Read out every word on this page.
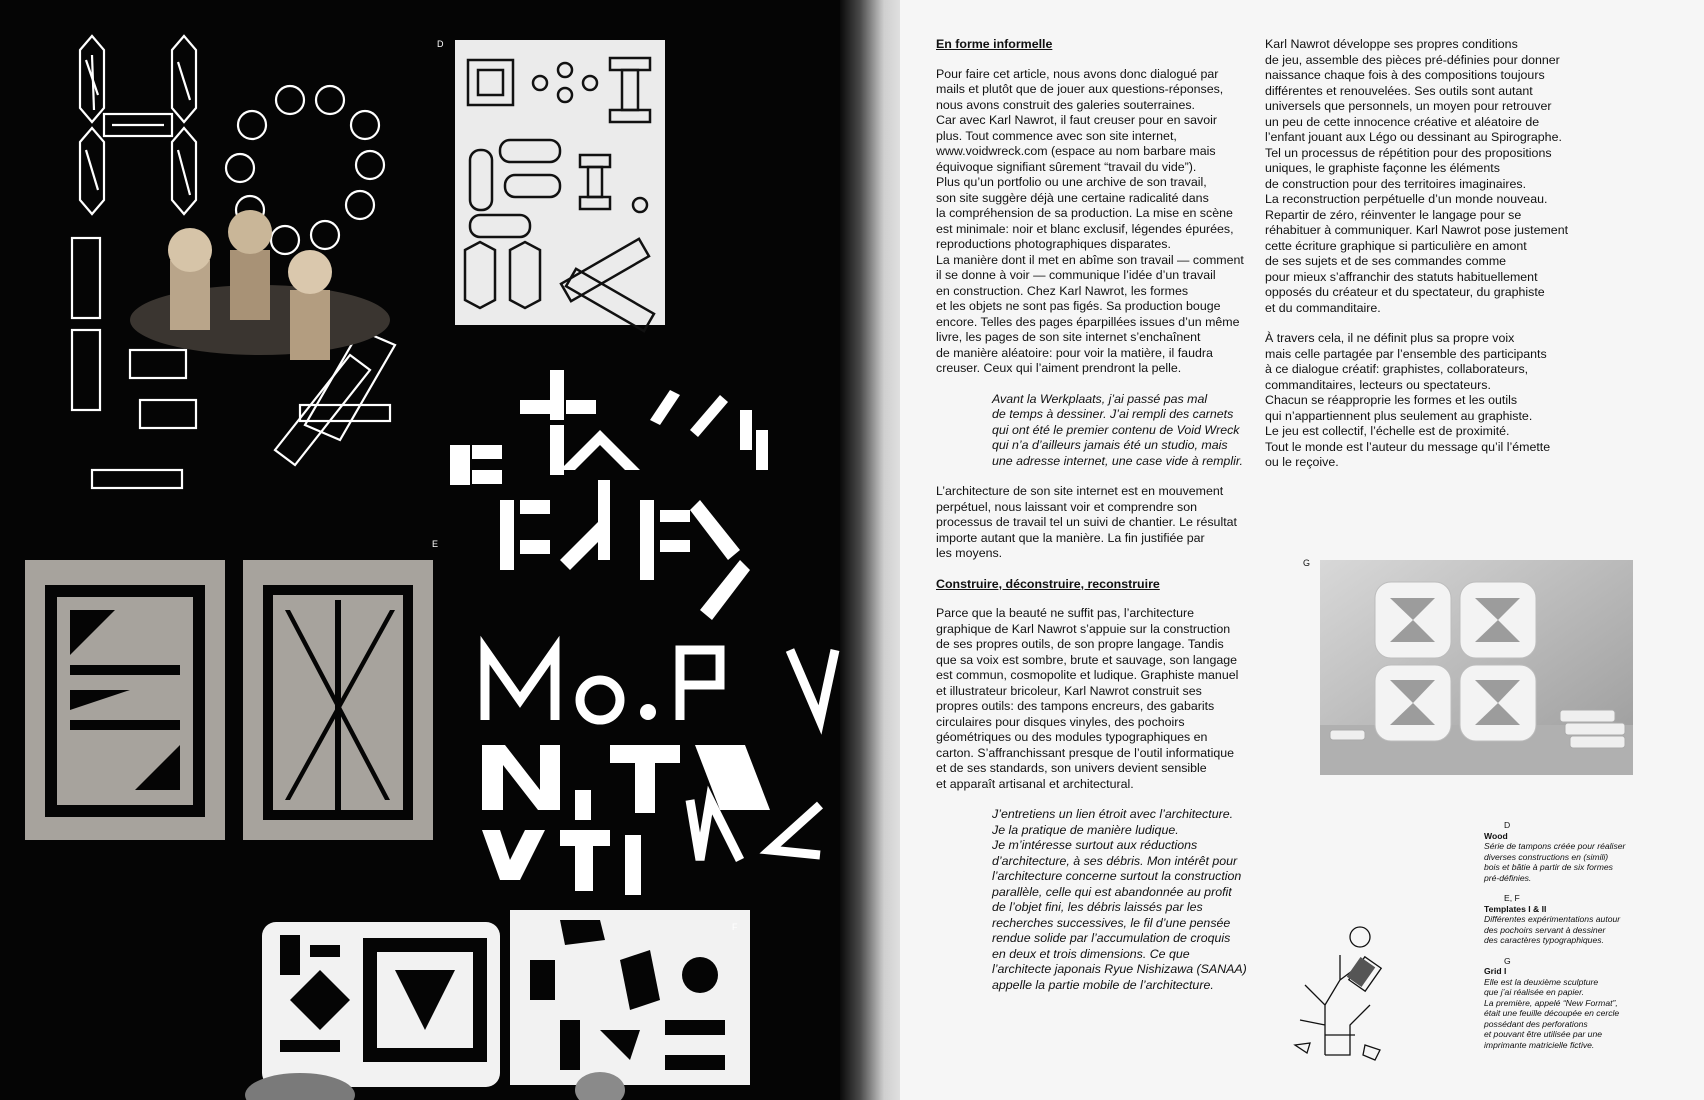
D
E
F

En forme informelle

Pour faire cet article, nous avons donc dialogué par

mails et plutôt que de jouer aux questions-réponses,

nous avons construit des galeries souterraines.

Car avec Karl Nawrot, il faut creuser pour en savoir

plus. Tout commence avec son site internet,

www.voidwreck.com (espace au nom barbare mais

équivoque signifiant sûrement “travail du vide”).

Plus qu’un portfolio ou une archive de son travail,

son site suggère déjà une certaine radicalité dans

la compréhension de sa production. La mise en scène

est minimale: noir et blanc exclusif, légendes épurées,

reproductions photographiques disparates.

La manière dont il met en abîme son travail — comment

il se donne à voir — communique l’idée d’un travail

en construction. Chez Karl Nawrot, les formes

et les objets ne sont pas figés. Sa production bouge

encore. Telles des pages éparpillées issues d’un même

livre, les pages de son site internet s’enchaînent

de manière aléatoire: pour voir la matière, il faudra

creuser. Ceux qui l’aiment prendront la pelle.

Avant la Werkplaats, j’ai passé pas mal

de temps à dessiner. J’ai rempli des carnets

qui ont été le premier contenu de Void Wreck

qui n’a d’ailleurs jamais été un studio, mais

une adresse internet, une case vide à remplir.

L’architecture de son site internet est en mouvement

perpétuel, nous laissant voir et comprendre son

processus de travail tel un suivi de chantier. Le résultat

importe autant que la manière. La fin justifiée par

les moyens.

Construire, déconstruire, reconstruire

Parce que la beauté ne suffit pas, l’architecture

graphique de Karl Nawrot s’appuie sur la construction

de ses propres outils, de son propre langage. Tandis

que sa voix est sombre, brute et sauvage, son langage

est commun, cosmopolite et ludique. Graphiste manuel

et illustrateur bricoleur, Karl Nawrot construit ses

propres outils: des tampons encreurs, des gabarits

circulaires pour disques vinyles, des pochoirs

géométriques ou des modules typographiques en

carton. S’affranchissant presque de l’outil informatique

et de ses standards, son univers devient sensible

et apparaît artisanal et architectural.

J’entretiens un lien étroit avec l’architecture.

Je la pratique de manière ludique.

Je m’intéresse surtout aux réductions

d’architecture, à ses débris. Mon intérêt pour

l’architecture concerne surtout la construction

parallèle, celle qui est abandonnée au profit

de l’objet fini, les débris laissés par les

recherches successives, le fil d’une pensée

rendue solide par l’accumulation de croquis

en deux et trois dimensions. Ce que

l’architecte japonais Ryue Nishizawa (SANAA)

appelle la partie mobile de l’architecture.

Karl Nawrot développe ses propres conditions

de jeu, assemble des pièces pré-définies pour donner

naissance chaque fois à des compositions toujours

différentes et renouvelées. Ses outils sont autant

universels que personnels, un moyen pour retrouver

un peu de cette innocence créative et aléatoire de

l’enfant jouant aux Légo ou dessinant au Spirographe.

Tel un processus de répétition pour des propositions

uniques, le graphiste façonne les éléments

de construction pour des territoires imaginaires.

La reconstruction perpétuelle d’un monde nouveau.

Repartir de zéro, réinventer le langage pour se

réhabituer à communiquer. Karl Nawrot pose justement

cette écriture graphique si particulière en amont

de ses sujets et de ses commandes comme

pour mieux s’affranchir des statuts habituellement

opposés du créateur et du spectateur, du graphiste

et du commanditaire.

À travers cela, il ne définit plus sa propre voix

mais celle partagée par l’ensemble des participants

à ce dialogue créatif: graphistes, collaborateurs,

commanditaires, lecteurs ou spectateurs.

Chacun se réapproprie les formes et les outils

qui n’appartiennent plus seulement au graphiste.

Le jeu est collectif, l’échelle est de proximité.

Tout le monde est l’auteur du message qu’il l’émette

ou le reçoive.

G
D
Wood
Série de tampons créée pour réaliser
diverses constructions en (simili)
bois et bâtie à partir de six formes
pré-définies.
E, F
Templates I & II
Différentes expérimentations autour
des pochoirs servant à dessiner
des caractères typographiques.
G
Grid I
Elle est la deuxième sculpture
que j’ai réalisée en papier.
La première, appelé “New Format”,
était une feuille découpée en cercle
possédant des perforations
et pouvant être utilisée par une
imprimante matricielle fictive.
